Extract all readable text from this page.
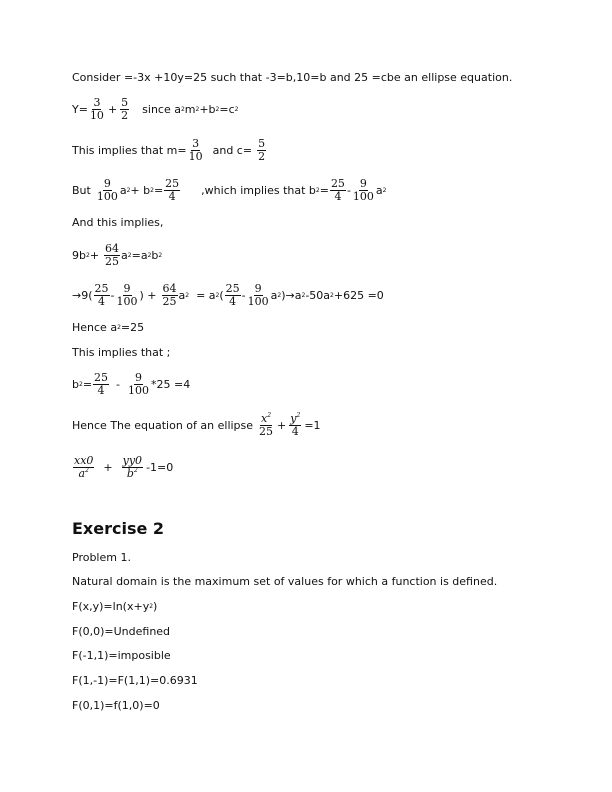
Consider =-3x +10y=25 such that -3=b,10=b and 25 =cbe an ellipse equation.
$Y= \frac{3}{10} + \frac{5}{2}$ since a 2 m 2 +b 2 =c 2
This implies that $m= \frac{3}{10}$ and $c= \frac{5}{2}$
But $\frac{9}{100}$ a 2 + b $2 = \frac{25}{4}$ ,which implies that b $2 = \frac{25}{4} - \frac{9}{100}$ a 2
And this implies,
9b $2 + \frac{64}{25}$ a 2 =a 2 b 2
$\to 9( \frac{25}{4} - \frac{9}{100}$ ) + $\frac{64}{25}$ a 2 = a 2 ( $\frac{25}{4} - \frac{9}{100}$ a 2 )→a 2 -50a 2 +625 =0
Hence a 2 =25
This implies that ;
b $2 = \frac{25}{4} - \frac{9}{100} *25 =4$
Hence The equation of an ellipse $\frac{x^2}{25} + \frac{y^2}{4} =1$
$\frac{xx0}{a^2} + \frac{yy0}{b^2} -1=0$
Exercise 2
Problem 1.
Natural domain is the maximum set of values for which a function is defined.
F(x,y)=ln(x+y 2 )
F(0,0)=Undefined
F(-1,1)=imposible
F(1,-1)=F(1,1)=0.6931
F(0,1)=f(1,0)=0
